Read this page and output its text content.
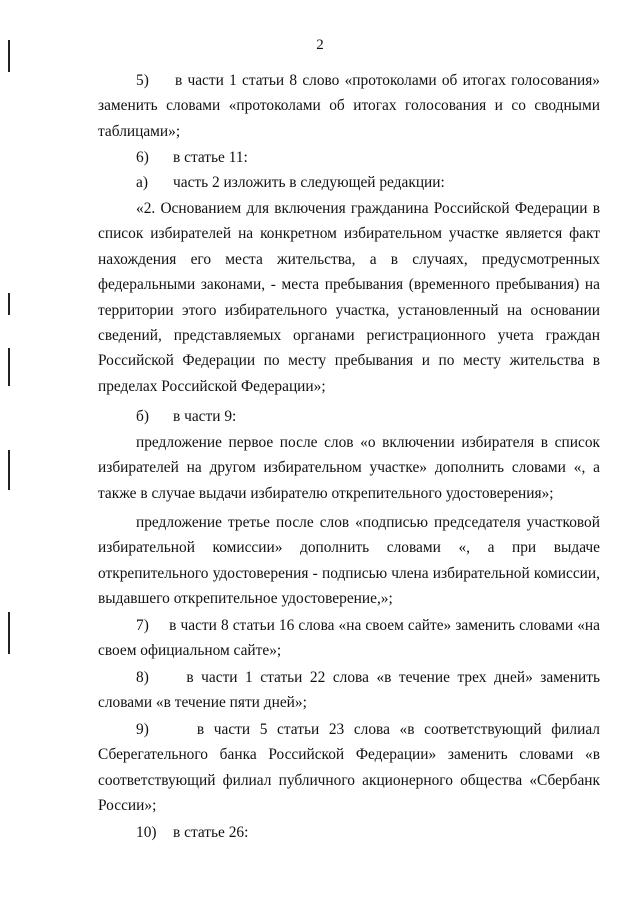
2

5)     в части 1 статьи 8 слово «протоколами об итогах голосования» заменить словами «протоколами об итогах голосования и со сводными таблицами»;

6) в статье 11:
а) часть 2 изложить в следующей редакции:

«2. Основанием для включения гражданина Российской Федерации в список избирателей на конкретном избирательном участке является факт нахождения его места жительства, а в случаях, предусмотренных федеральными законами, - места пребывания (временного пребывания) на территории этого избирательного участка, установленный на основании сведений, представляемых органами регистрационного учета граждан Российской Федерации по месту пребывания и по месту жительства в пределах Российской Федерации»;

б) в части 9:

предложение первое после слов «о включении избирателя в список избирателей на другом избирательном участке» дополнить словами «, а также в случае выдачи избирателю открепительного удостоверения»;

предложение третье после слов «подписью председателя участковой избирательной комиссии» дополнить словами «, а при выдаче открепительного удостоверения - подписью члена избирательной комиссии, выдавшего открепительное удостоверение,»;

7)     в части 8 статьи 16 слова «на своем сайте» заменить словами «на своем официальном сайте»;

8)     в части 1 статьи 22 слова «в течение трех дней» заменить словами «в течение пяти дней»;

9)     в части 5 статьи 23 слова «в соответствующий филиал Сберегательного банка Российской Федерации» заменить словами «в соответствующий филиал публичного акционерного общества «Сбербанк России»;

10) в статье 26:
